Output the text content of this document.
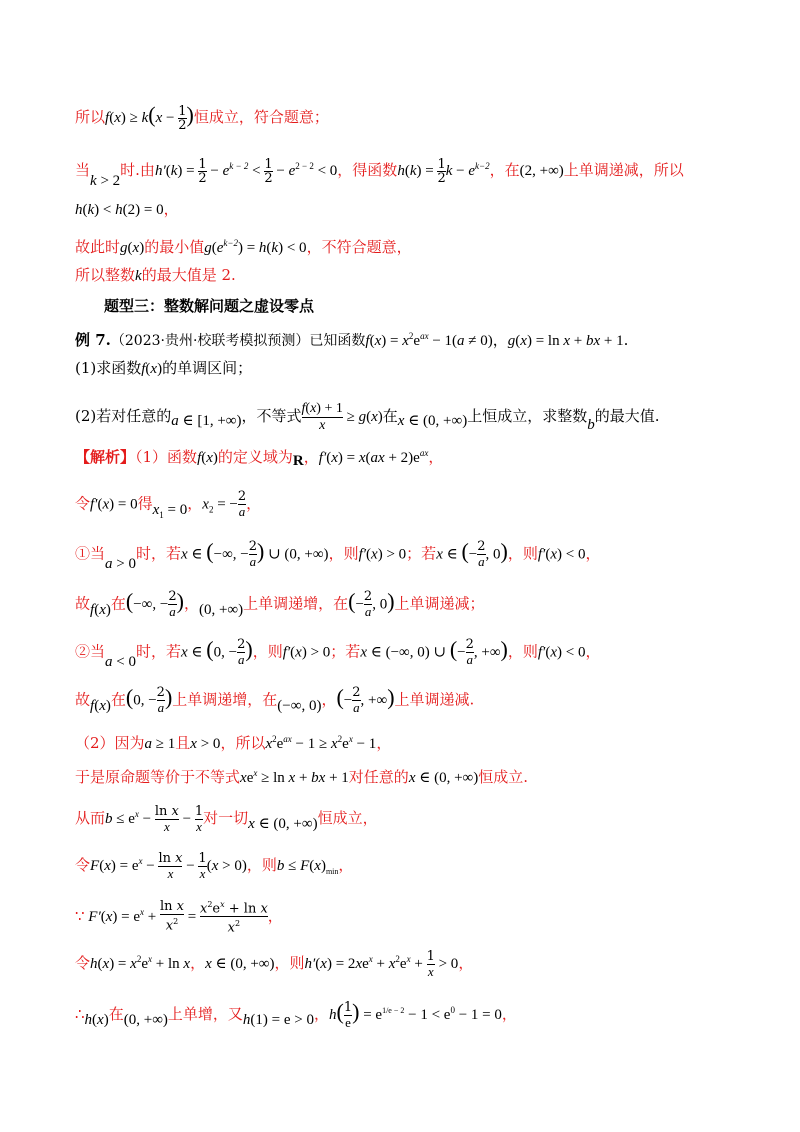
所以$f(x) \ge k(x - \frac{1}{2}$ )恒成立，符合题意；
当k > 2时.由$h'(k) = \frac{1}{2} - e^{k - 2} < \frac{1}{2} - e^{2 - 2} < 0$，得函数$h(k) = \frac{1}{2}$ $k - e^{k-2}$，在(2, +∞)上单调递减，所以
h(k) < h(2) = 0，
故此时g(x)的最小值$g(e^{k-2}) = h(k) < 0$，不符合题意，
所以整数k的最大值是 2.
题型三：整数解问题之虚设零点
例 7.（2023·贵州·校联考模拟预测）已知函数$f(x) = x^2e^{ax} - 1(a \ne 0)$，g(x) = ln x + bx + 1.
(1)求函数f(x)的单调区间；
(2)若对任意的a ∈ [1, +∞)，不等式 $\frac{f(x) + 1}{x} \ge g(x)$在x ∈ (0, +∞)上恒成立，求整数b的最大值.
【解析】（1）函数f(x)的定义域为R，$f'(x) = x(ax + 2)e^{ax}$，
令f′(x) = 0得$x_1 = 0$，$x_2$ = − $\frac{2}{a}$ ，
①当a > 0时，若x ∈ (−∞, − $\frac{2}{a}$ ) ∪ (0, +∞)，则f′(x) > 0；若x ∈ (− $\frac{2}{a}$ , 0)，则f′(x) < 0，
故f(x)在(−∞, − $\frac{2}{a}$ )，(0, +∞)上单调递增，在(− $\frac{2}{a}$ , 0)上单调递减；
②当a < 0时，若x ∈ (0, − $\frac{2}{a}$ )，则f′(x) > 0；若x ∈ (−∞, 0) ∪ (− $\frac{2}{a}$ , +∞)，则f′(x) < 0，
故f(x)在(0, − $\frac{2}{a}$ )上单调递增，在(−∞, 0)，(− $\frac{2}{a}$ , +∞)上单调递减.
（2）因为a ≥ 1且x > 0，所以$x^2e^{ax} - 1 \ge x^2e^x - 1$，
于是原命题等价于不等式$xe^x \ge \ln x$ + bx + 1对任意的x ∈ (0, +∞)恒成立.
从而$b \le e^x - \frac{\text{ln x}}{x} - \frac{1}{x}$ 对一切x ∈ (0, +∞)恒成立，
令$F(x) = e^x - \frac{\text{ln x}}{x} - \frac{1}{x} (x > 0)$，则$b \le F(x)_{min}$，
∵ $F'(x) = e^x + \frac{\text{ln x}}{x^2} = \frac{x^2e^x + \ln x}{x^2}$ ，
令$h(x) = x^2e^x + \ln x$，x ∈ (0, +∞)，则$h'(x) = 2xe^x + x^2e^x + \frac{1}{x} > 0$，
∴h(x)在(0, +∞)上单增，又h(1) = e > 0，$h( \frac{1}{e}$ ) = $e^{1/e - 2} - 1 < e^0 - 1 = 0$，
